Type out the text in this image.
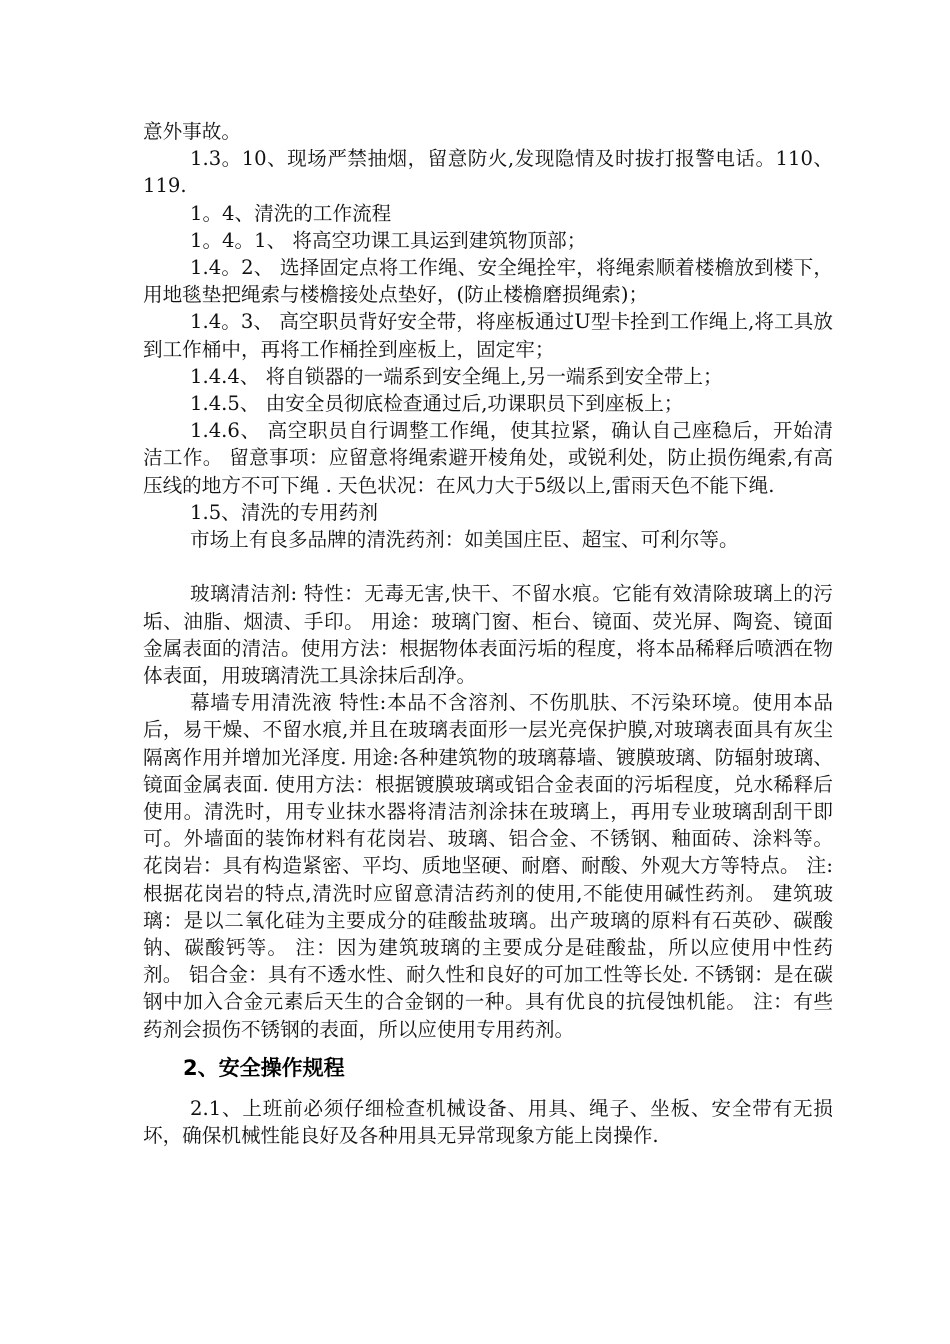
意外事故。

1.3。10、现场严禁抽烟，留意防火,发现隐情及时拔打报警电话。110、119.

1。4、清洗的工作流程

1。4。1、 将高空功课工具运到建筑物顶部；

1.4。2、 选择固定点将工作绳、安全绳拴牢，将绳索顺着楼檐放到楼下，用地毯垫把绳索与楼檐接处点垫好，(防止楼檐磨损绳索)；

1.4。3、 高空职员背好安全带，将座板通过U型卡拴到工作绳上,将工具放到工作桶中，再将工作桶拴到座板上，固定牢；

1.4.4、 将自锁器的一端系到安全绳上,另一端系到安全带上；

1.4.5、 由安全员彻底检查通过后,功课职员下到座板上；

1.4.6、 高空职员自行调整工作绳，使其拉紧，确认自己座稳后，开始清洁工作。 留意事项：应留意将绳索避开棱角处，或锐利处，防止损伤绳索,有高压线的地方不可下绳 . 天色状况：在风力大于5级以上,雷雨天色不能下绳.

1.5、清洗的专用药剂

市场上有良多品牌的清洗药剂：如美国庄臣、超宝、可利尔等。

玻璃清洁剂: 特性：无毒无害,快干、不留水痕。它能有效清除玻璃上的污垢、油脂、烟渍、手印。 用途：玻璃门窗、柜台、镜面、荧光屏、陶瓷、镜面金属表面的清洁。使用方法：根据物体表面污垢的程度，将本品稀释后喷洒在物体表面，用玻璃清洗工具涂抹后刮净。

幕墙专用清洗液 特性:本品不含溶剂、不伤肌肤、不污染环境。使用本品后，易干燥、不留水痕,并且在玻璃表面形一层光亮保护膜,对玻璃表面具有灰尘隔离作用并增加光泽度. 用途:各种建筑物的玻璃幕墙、镀膜玻璃、防辐射玻璃、镜面金属表面. 使用方法：根据镀膜玻璃或铝合金表面的污垢程度，兑水稀释后使用。清洗时，用专业抹水器将清洁剂涂抹在玻璃上，再用专业玻璃刮刮干即可。外墙面的装饰材料有花岗岩、玻璃、铝合金、不锈钢、釉面砖、涂料等。 花岗岩：具有构造紧密、平均、质地坚硬、耐磨、耐酸、外观大方等特点。 注:根据花岗岩的特点,清洗时应留意清洁药剂的使用,不能使用碱性药剂。 建筑玻璃：是以二氧化硅为主要成分的硅酸盐玻璃。出产玻璃的原料有石英砂、碳酸钠、碳酸钙等。 注：因为建筑玻璃的主要成分是硅酸盐，所以应使用中性药剂。 铝合金：具有不透水性、耐久性和良好的可加工性等长处. 不锈钢：是在碳钢中加入合金元素后天生的合金钢的一种。具有优良的抗侵蚀机能。 注：有些药剂会损伤不锈钢的表面，所以应使用专用药剂。

2、安全操作规程

2.1、上班前必须仔细检查机械设备、用具、绳子、坐板、安全带有无损坏，确保机械性能良好及各种用具无异常现象方能上岗操作.
